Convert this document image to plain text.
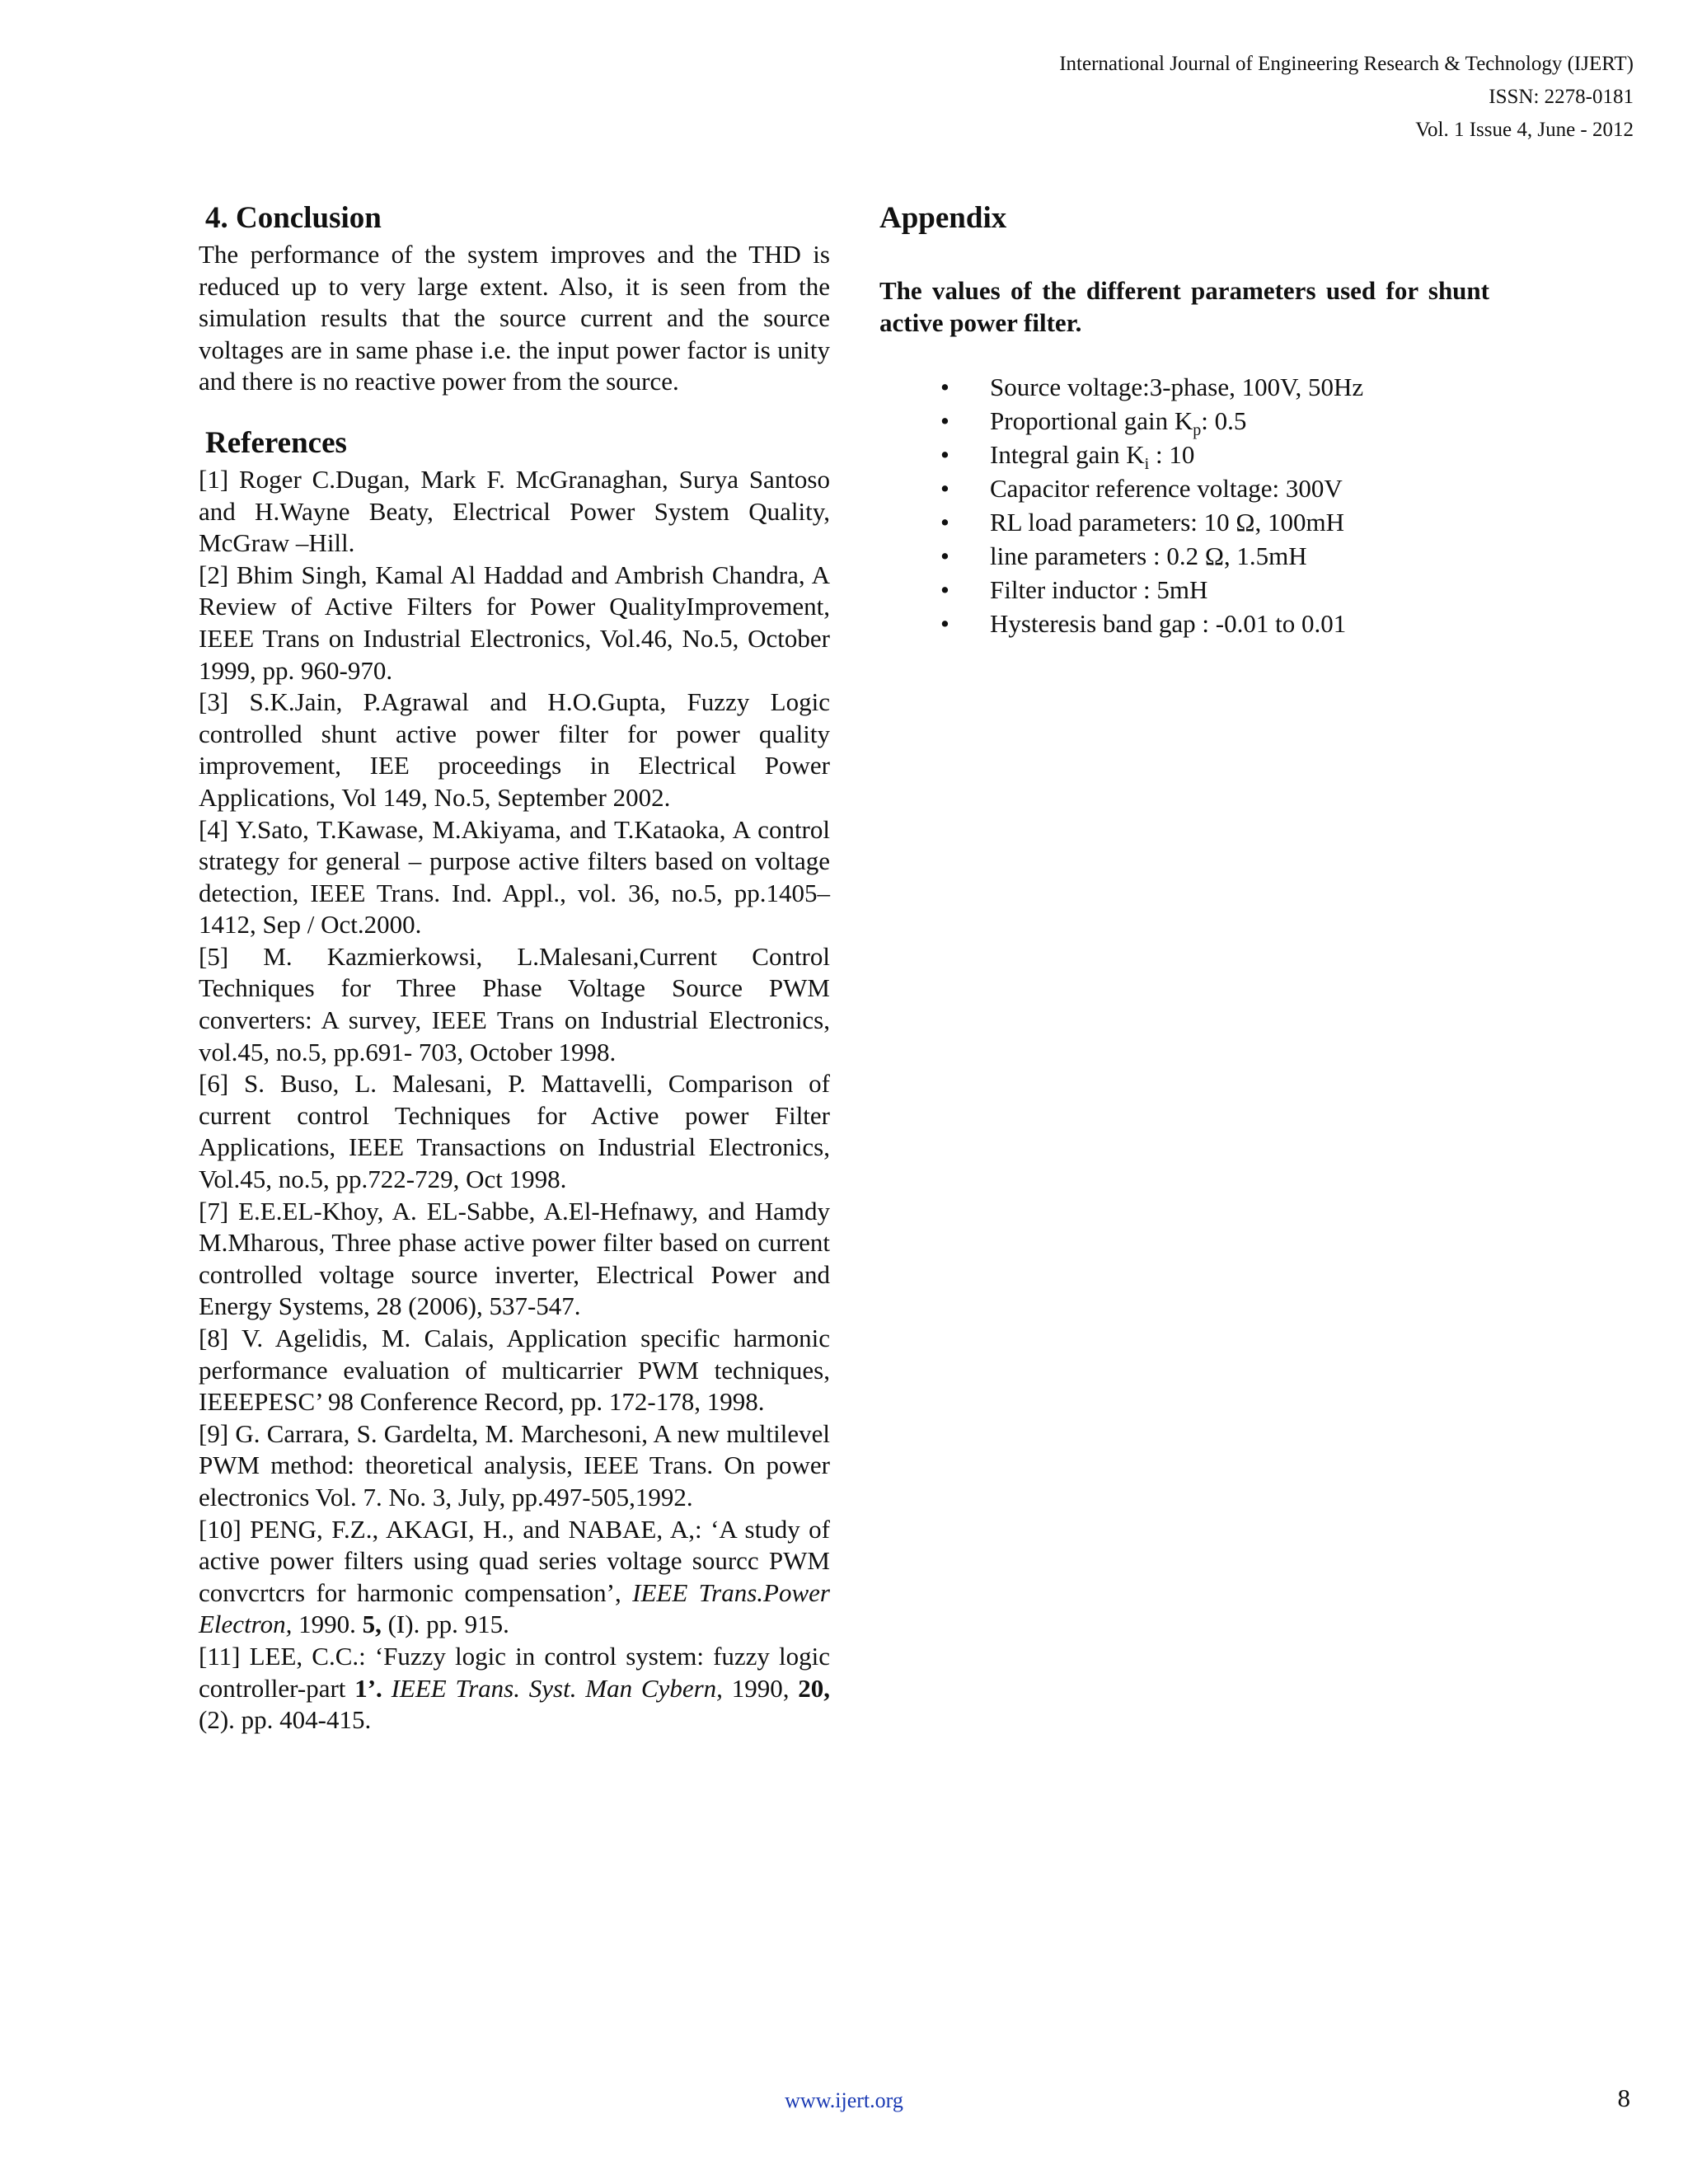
International Journal of Engineering Research & Technology (IJERT)
ISSN: 2278-0181
Vol. 1 Issue 4, June - 2012
4. Conclusion

The performance of the system improves and the THD is reduced up to very large extent. Also, it is seen from the simulation results that the source current and the source voltages are in same phase i.e. the input power factor is unity and there is no reactive power from the source.

References

[1] Roger C.Dugan, Mark F. McGranaghan, Surya Santoso and H.Wayne Beaty, Electrical Power System Quality, McGraw –Hill.

[2] Bhim Singh, Kamal Al Haddad and Ambrish Chandra, A Review of Active Filters for Power QualityImprovement, IEEE Trans on Industrial Electronics, Vol.46, No.5, October 1999, pp. 960-970.

[3] S.K.Jain, P.Agrawal and H.O.Gupta, Fuzzy Logic controlled shunt active power filter for power quality improvement, IEE proceedings in Electrical Power Applications, Vol 149, No.5, September 2002.

[4] Y.Sato, T.Kawase, M.Akiyama, and T.Kataoka, A control strategy for general – purpose active filters based on voltage detection, IEEE Trans. Ind. Appl., vol. 36, no.5, pp.1405–1412, Sep / Oct.2000.

[5] M. Kazmierkowsi, L.Malesani,Current Control Techniques for Three Phase Voltage Source PWM converters: A survey, IEEE Trans on Industrial Electronics, vol.45, no.5, pp.691- 703, October 1998.

[6] S. Buso, L. Malesani, P. Mattavelli, Comparison of current control Techniques for Active power Filter Applications, IEEE Transactions on Industrial Electronics, Vol.45, no.5, pp.722-729, Oct 1998.

[7] E.E.EL-Khoy, A. EL-Sabbe, A.El-Hefnawy, and Hamdy M.Mharous, Three phase active power filter based on current controlled voltage source inverter, Electrical Power and Energy Systems, 28 (2006), 537-547.

[8] V. Agelidis, M. Calais, Application specific harmonic performance evaluation of multicarrier PWM techniques, IEEEPESC’ 98 Conference Record, pp. 172-178, 1998.

[9] G. Carrara, S. Gardelta, M. Marchesoni, A new multilevel PWM method: theoretical analysis, IEEE Trans. On power electronics Vol. 7. No. 3, July, pp.497-505,1992.

[10] PENG, F.Z., AKAGI, H., and NABAE, A,: ‘A study of active power filters using quad series voltage sourcc PWM convcrtcrs for harmonic compensation’, IEEE Trans.Power Electron, 1990. 5, (I). pp. 915.

[11] LEE, C.C.: ‘Fuzzy logic in control system: fuzzy logic controller-part 1’. IEEE Trans. Syst. Man Cybern, 1990, 20, (2). pp. 404-415.

Appendix

The values of the different parameters used for shunt active power filter.

• Source voltage:3-phase, 100V, 50Hz
• Proportional gain $K_p$: 0.5
• Integral gain $K_i$ : 10
• Capacitor reference voltage: 300V
• RL load parameters: 10 Ω, 100mH
• line parameters : 0.2 Ω, 1.5mH
• Filter inductor : 5mH
• Hysteresis band gap : -0.01 to 0.01
www.ijert.org	8
